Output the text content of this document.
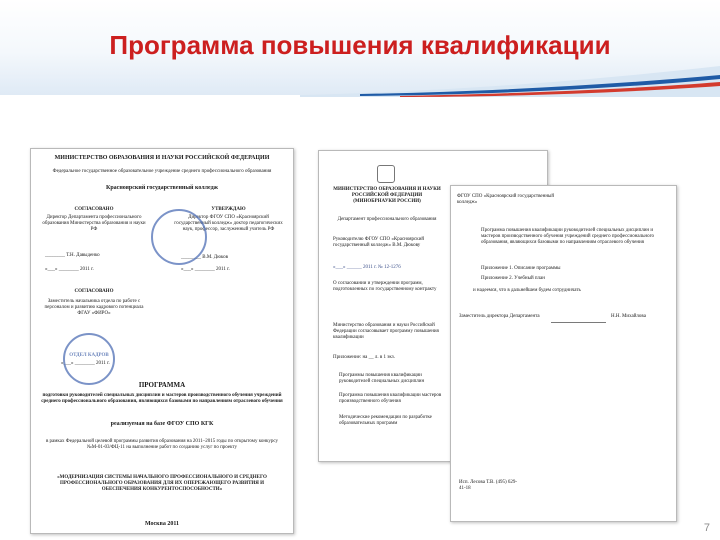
Программа повышения квалификации

МИНИСТЕРСТВО ОБРАЗОВАНИЯ И НАУКИ РОССИЙСКОЙ ФЕДЕРАЦИИ

Федеральное государственное образовательное учреждение среднего профессионального образования

Красноярский государственный колледж

СОГЛАСОВАНО

Директор Департамента профессионального образования Министерства образования и науки РФ

________ Т.Н. Давыденко

«___» ________ 2011 г.

УТВЕРЖДАЮ

Директор ФГОУ СПО «Красноярский государственный колледж» доктор педагогических наук, профессор, заслуженный учитель РФ

________ В.М. Дюков

«___» ________ 2011 г.

СОГЛАСОВАНО

Заместитель начальника отдела по работе с персоналом и развитию кадрового потенциала ФГАУ «ФИРО»

«___» ________ 2011 г.

ОТДЕЛ КАДРОВ

ПРОГРАММА

подготовки руководителей специальных дисциплин и мастеров производственного обучения учреждений среднего профессионального образования, являющихся базовыми по направлениям отраслевого обучения

реализуемая на базе ФГОУ СПО КГК

в рамках Федеральной целевой программы развития образования на 2011–2015 годы по открытому конкурсу №М-01-03/ФЦ-11 на выполнение работ по созданию услуг по проекту

«МОДЕРНИЗАЦИЯ СИСТЕМЫ НАЧАЛЬНОГО ПРОФЕССИОНАЛЬНОГО И СРЕДНЕГО ПРОФЕССИОНАЛЬНОГО ОБРАЗОВАНИЯ ДЛЯ ИХ ОПЕРЕЖАЮЩЕГО РАЗВИТИЯ И ОБЕСПЕЧЕНИЯ КОНКУРЕНТОСПОСОБНОСТИ»

Москва 2011

МИНИСТЕРСТВО ОБРАЗОВАНИЯ И НАУКИ РОССИЙСКОЙ ФЕДЕРАЦИИ (МИНОБРНАУКИ РОССИИ)

Департамент профессионального образования

Руководителю ФГОУ СПО «Красноярский государственный колледж» В.М. Дюкову

«___» ______ 2011 г. № 12-1276

О согласовании и утверждении программ, подготовленных по государственному контракту

Министерство образования и науки Российской Федерации согласовывает программу повышения квалификации

Приложение: на __ л. в 1 экз.

Программы повышения квалификации руководителей специальных дисциплин

Программа повышения квалификации мастеров производственного обучения

Методические рекомендации по разработке образовательных программ

ФГОУ СПО «Красноярский государственный колледж»

Программа повышения квалификации руководителей специальных дисциплин и мастеров производственного обучения учреждений среднего профессионального образования, являющихся базовыми по направлениям отраслевого обучения

Приложение 1. Описание программы

Приложение 2. Учебный план

и надеемся, что в дальнейшем будем сотрудничать

Заместитель директора Департамента	Н.Н. Михайлова

Исп. Лесова Т.В. (495) 629-41-18

7
